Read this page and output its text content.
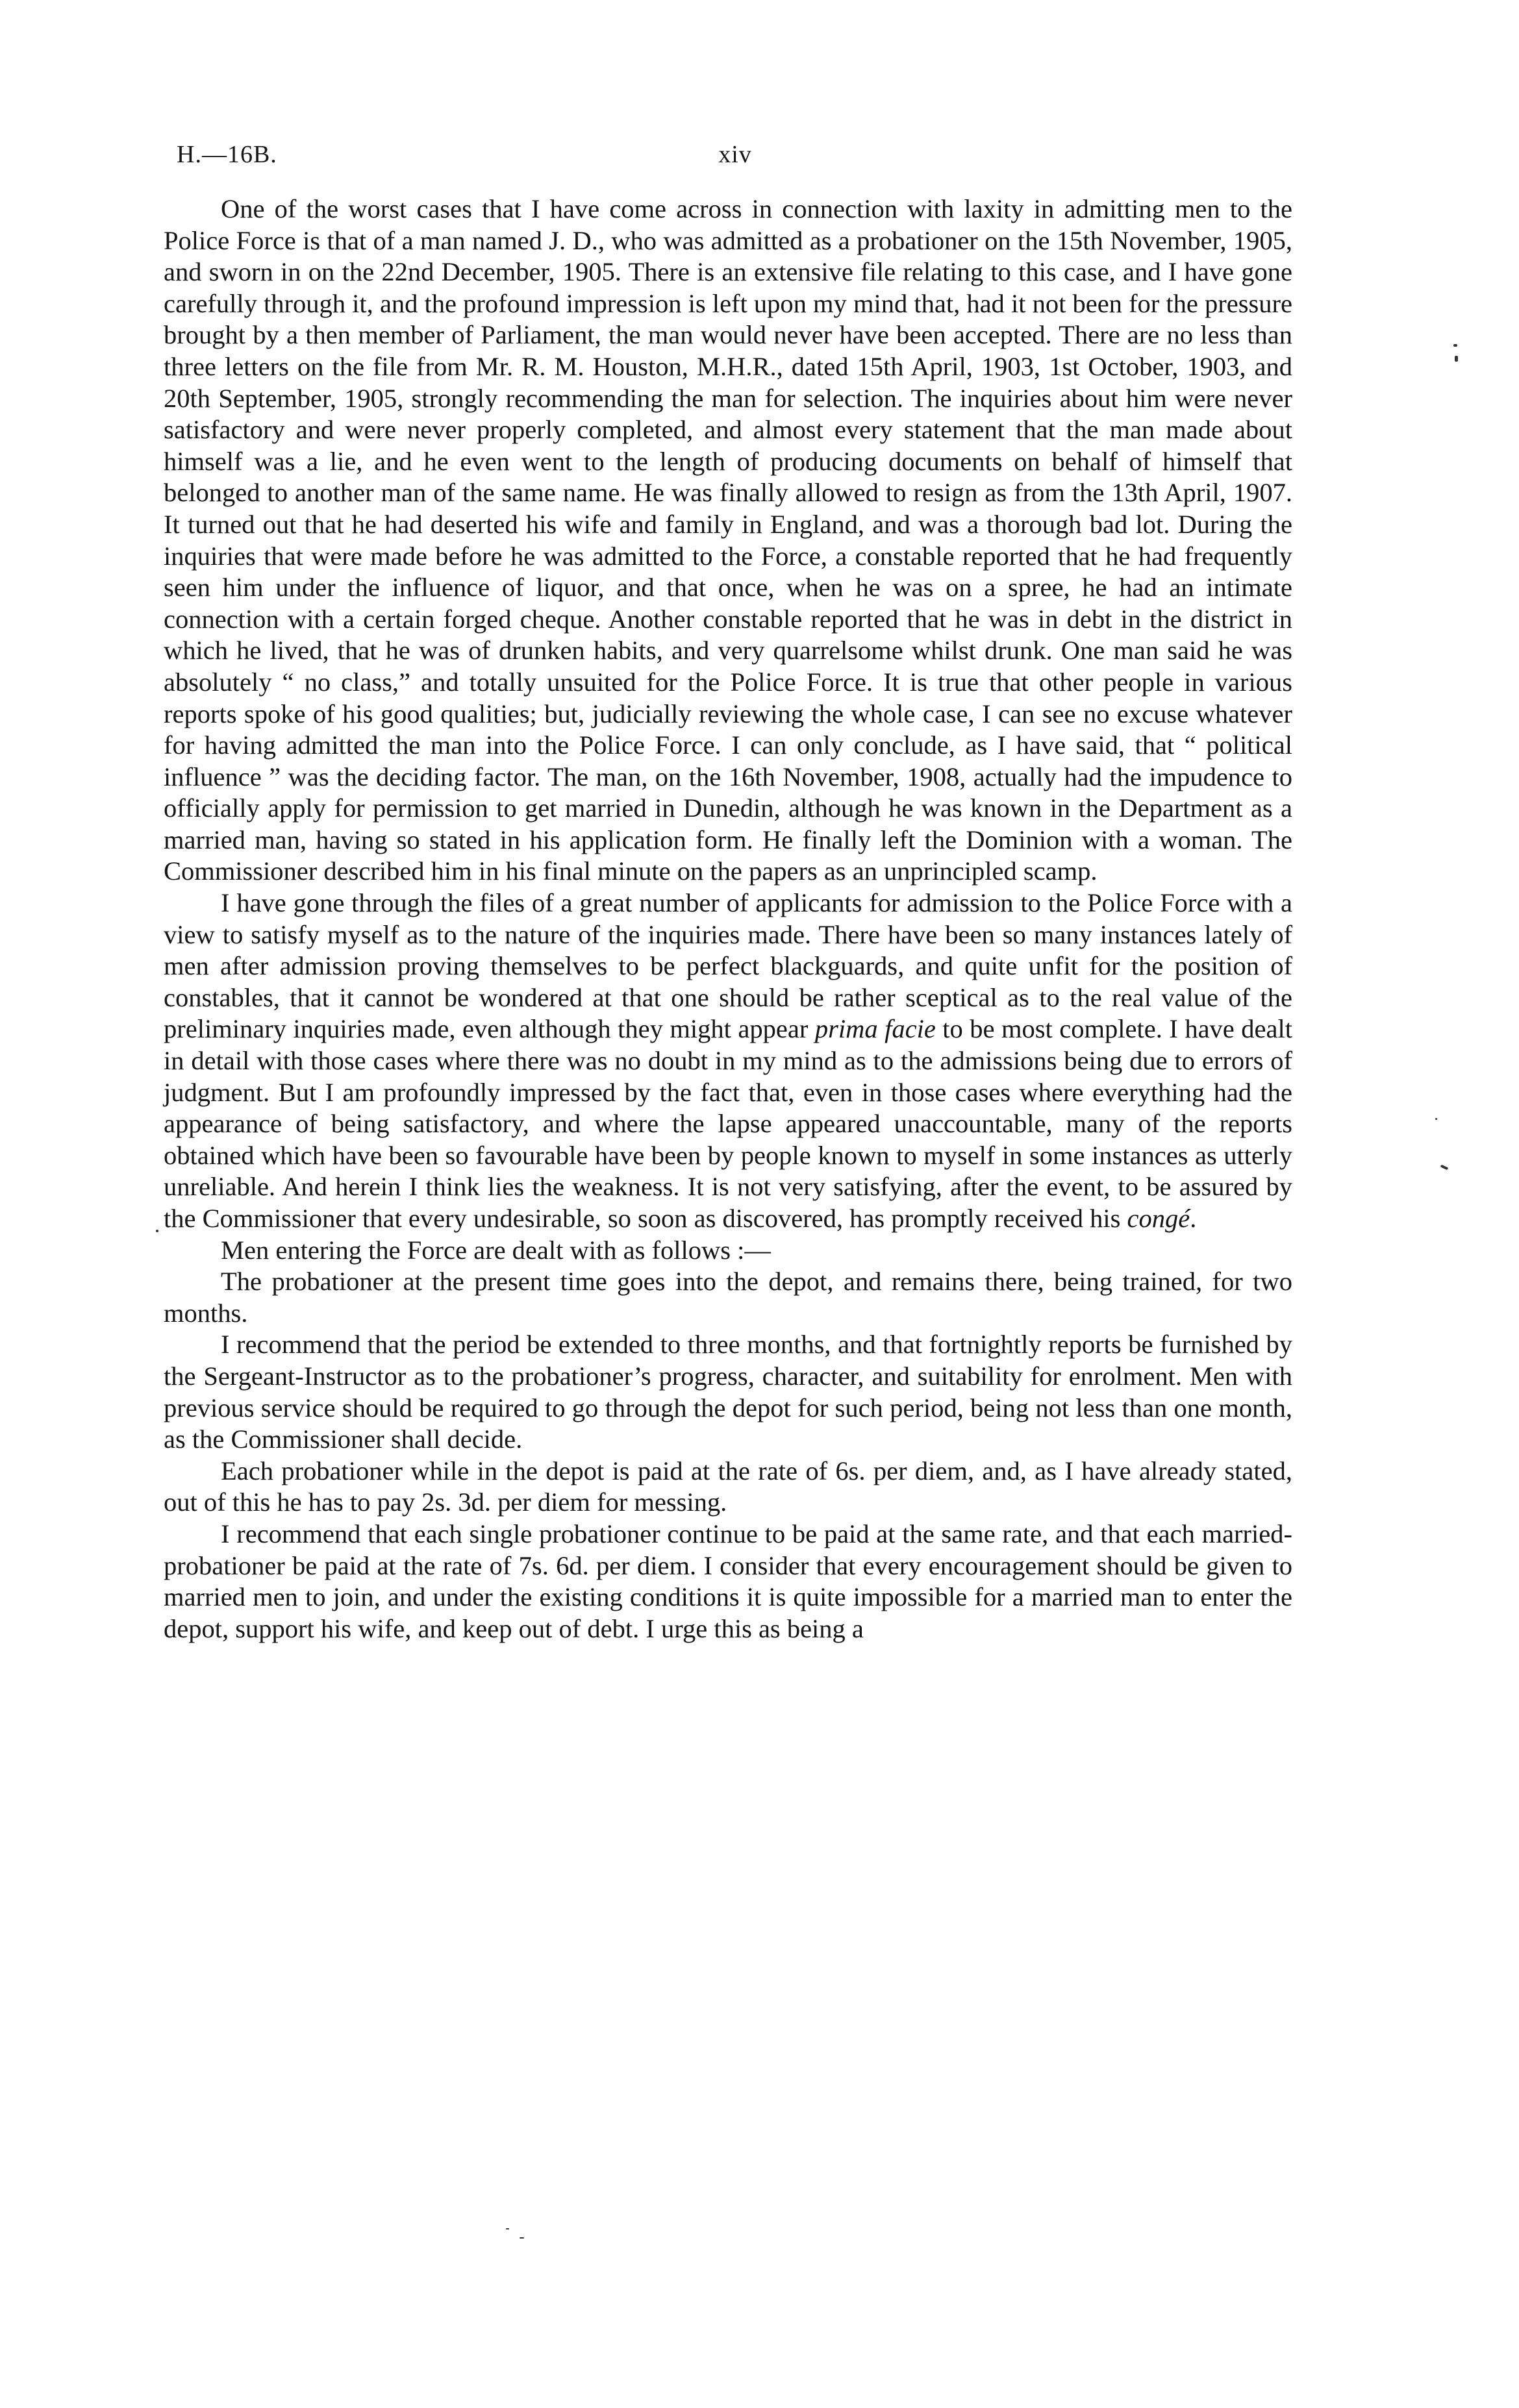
H.—16B.	xiv

One of the worst cases that I have come across in connection with laxity in admitting men to the Police Force is that of a man named J. D., who was admitted as a probationer on the 15th November, 1905, and sworn in on the 22nd December, 1905. There is an extensive file relating to this case, and I have gone carefully through it, and the profound impression is left upon my mind that, had it not been for the pressure brought by a then member of Parliament, the man would never have been accepted. There are no less than three letters on the file from Mr. R. M. Houston, M.H.R., dated 15th April, 1903, 1st October, 1903, and 20th September, 1905, strongly recommending the man for selection. The inquiries about him were never satisfactory and were never properly completed, and almost every statement that the man made about himself was a lie, and he even went to the length of producing documents on behalf of himself that belonged to another man of the same name. He was finally allowed to resign as from the 13th April, 1907. It turned out that he had deserted his wife and family in England, and was a thorough bad lot. During the inquiries that were made before he was admitted to the Force, a constable reported that he had frequently seen him under the influence of liquor, and that once, when he was on a spree, he had an intimate connection with a certain forged cheque. Another constable reported that he was in debt in the district in which he lived, that he was of drunken habits, and very quarrelsome whilst drunk. One man said he was absolutely “ no class,” and totally unsuited for the Police Force. It is true that other people in various reports spoke of his good qualities; but, judicially reviewing the whole case, I can see no excuse whatever for having admitted the man into the Police Force. I can only conclude, as I have said, that “ political influence ” was the deciding factor. The man, on the 16th November, 1908, actually had the impudence to officially apply for permission to get married in Dunedin, although he was known in the Department as a married man, having so stated in his application form. He finally left the Dominion with a woman. The Commissioner described him in his final minute on the papers as an unprincipled scamp.

I have gone through the files of a great number of applicants for admission to the Police Force with a view to satisfy myself as to the nature of the inquiries made. There have been so many instances lately of men after admission proving themselves to be perfect blackguards, and quite unfit for the position of constables, that it cannot be wondered at that one should be rather sceptical as to the real value of the preliminary inquiries made, even although they might appear prima facie to be most complete. I have dealt in detail with those cases where there was no doubt in my mind as to the admissions being due to errors of judgment. But I am profoundly impressed by the fact that, even in those cases where everything had the appearance of being satisfactory, and where the lapse appeared unaccountable, many of the reports obtained which have been so favourable have been by people known to myself in some instances as utterly unreliable. And herein I think lies the weakness. It is not very satisfying, after the event, to be assured by the Commissioner that every undesirable, so soon as discovered, has promptly received his congé.

Men entering the Force are dealt with as follows :—

The probationer at the present time goes into the depot, and remains there, being trained, for two months.

I recommend that the period be extended to three months, and that fortnightly reports be furnished by the Sergeant-Instructor as to the probationer’s progress, character, and suitability for enrolment. Men with previous service should be required to go through the depot for such period, being not less than one month, as the Commissioner shall decide.

Each probationer while in the depot is paid at the rate of 6s. per diem, and, as I have already stated, out of this he has to pay 2s. 3d. per diem for messing.

I recommend that each single probationer continue to be paid at the same rate, and that each married-probationer be paid at the rate of 7s. 6d. per diem. I consider that every encouragement should be given to married men to join, and under the existing conditions it is quite impossible for a married man to enter the depot, support his wife, and keep out of debt. I urge this as being a
